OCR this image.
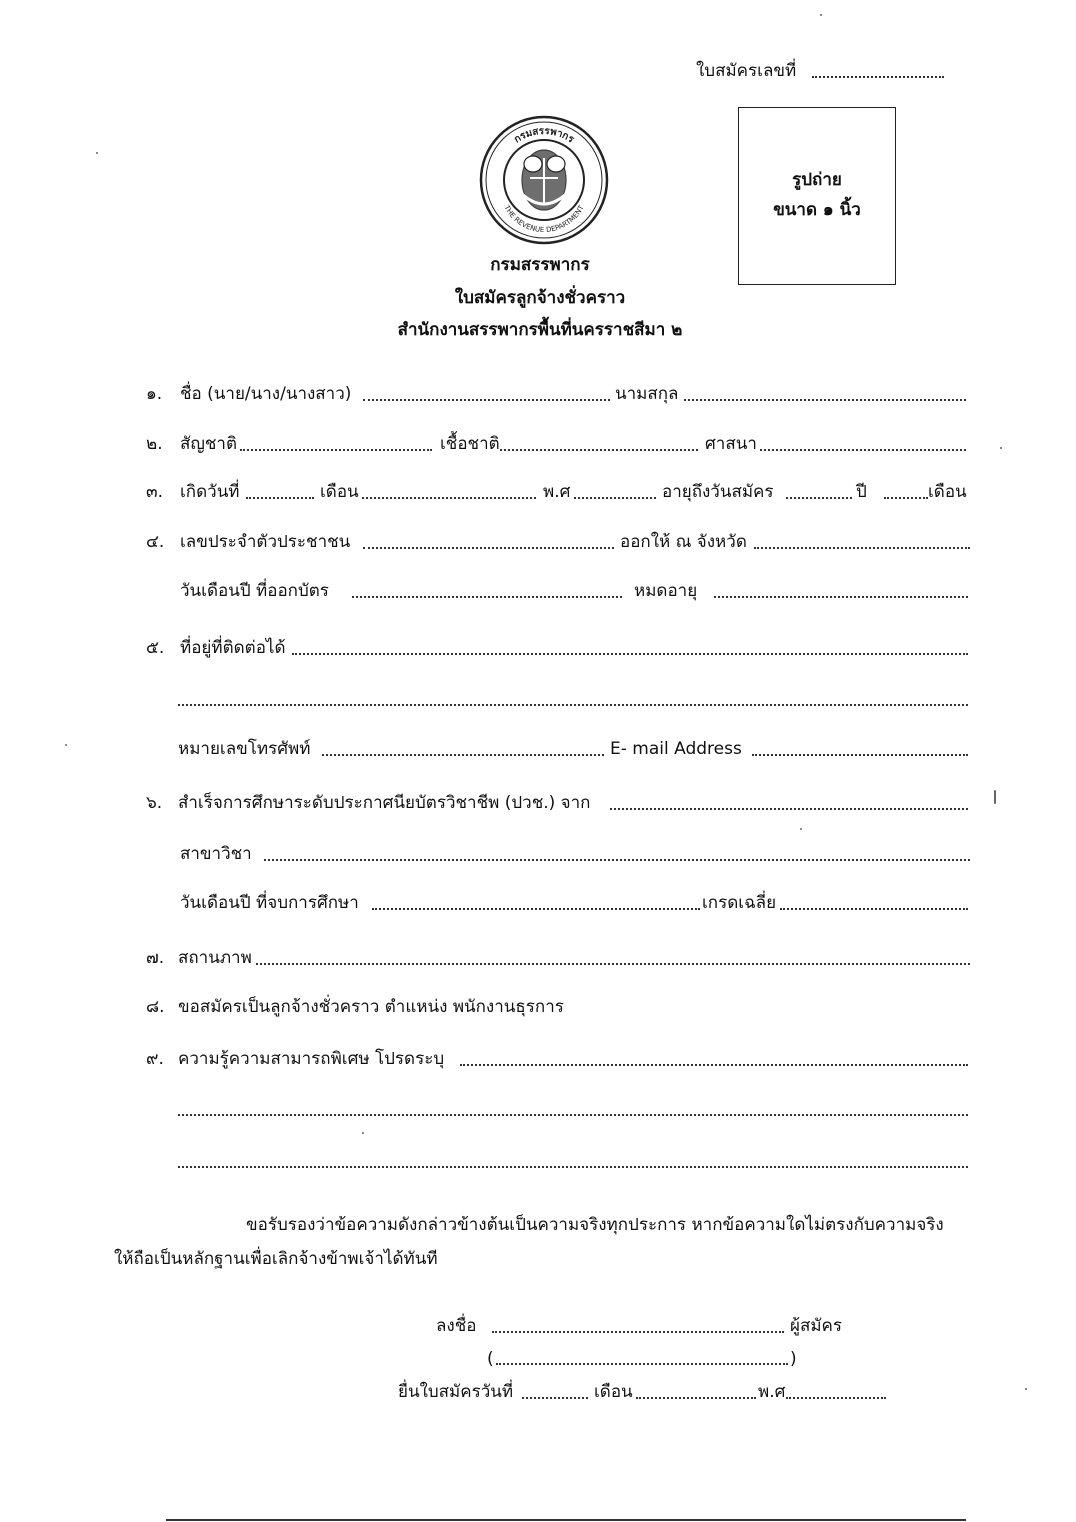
ใบสมัครเลขที่
รูปถ่าย
ขนาด ๑ นิ้ว
กรมสรรพากร
THE REVENUE DEPARTMENT
กรมสรรพากร
ใบสมัครลูกจ้างชั่วคราว
สำนักงานสรรพากรพื้นที่นครราชสีมา ๒
๑. ชื่อ (นาย/นาง/นางสาว)	นามสกุล
๒. สัญชาติ	เชื้อชาติ	ศาสนา
๓. เกิดวันที่	เดือน	พ.ศ	อายุถึงวันสมัคร	ปี	เดือน
๔. เลขประจำตัวประชาชน	ออกให้ ณ จังหวัด
วันเดือนปี ที่ออกบัตร	หมดอายุ
๕. ที่อยู่ที่ติดต่อได้
หมายเลขโทรศัพท์	E- mail Address
๖. สำเร็จการศึกษาระดับประกาศนียบัตรวิชาชีพ (ปวช.) จาก
สาขาวิชา
วันเดือนปี ที่จบการศึกษา	เกรดเฉลี่ย
๗. สถานภาพ
๘. ขอสมัครเป็นลูกจ้างชั่วคราว ตำแหน่ง พนักงานธุรการ
๙. ความรู้ความสามารถพิเศษ โปรดระบุ
ขอรับรองว่าข้อความดังกล่าวข้างต้นเป็นความจริงทุกประการ หากข้อความใดไม่ตรงกับความจริง
ให้ถือเป็นหลักฐานเพื่อเลิกจ้างข้าพเจ้าได้ทันที
ลงชื่อ	ผู้สมัคร
(	)
ยื่นใบสมัครวันที่	เดือน	พ.ศ
